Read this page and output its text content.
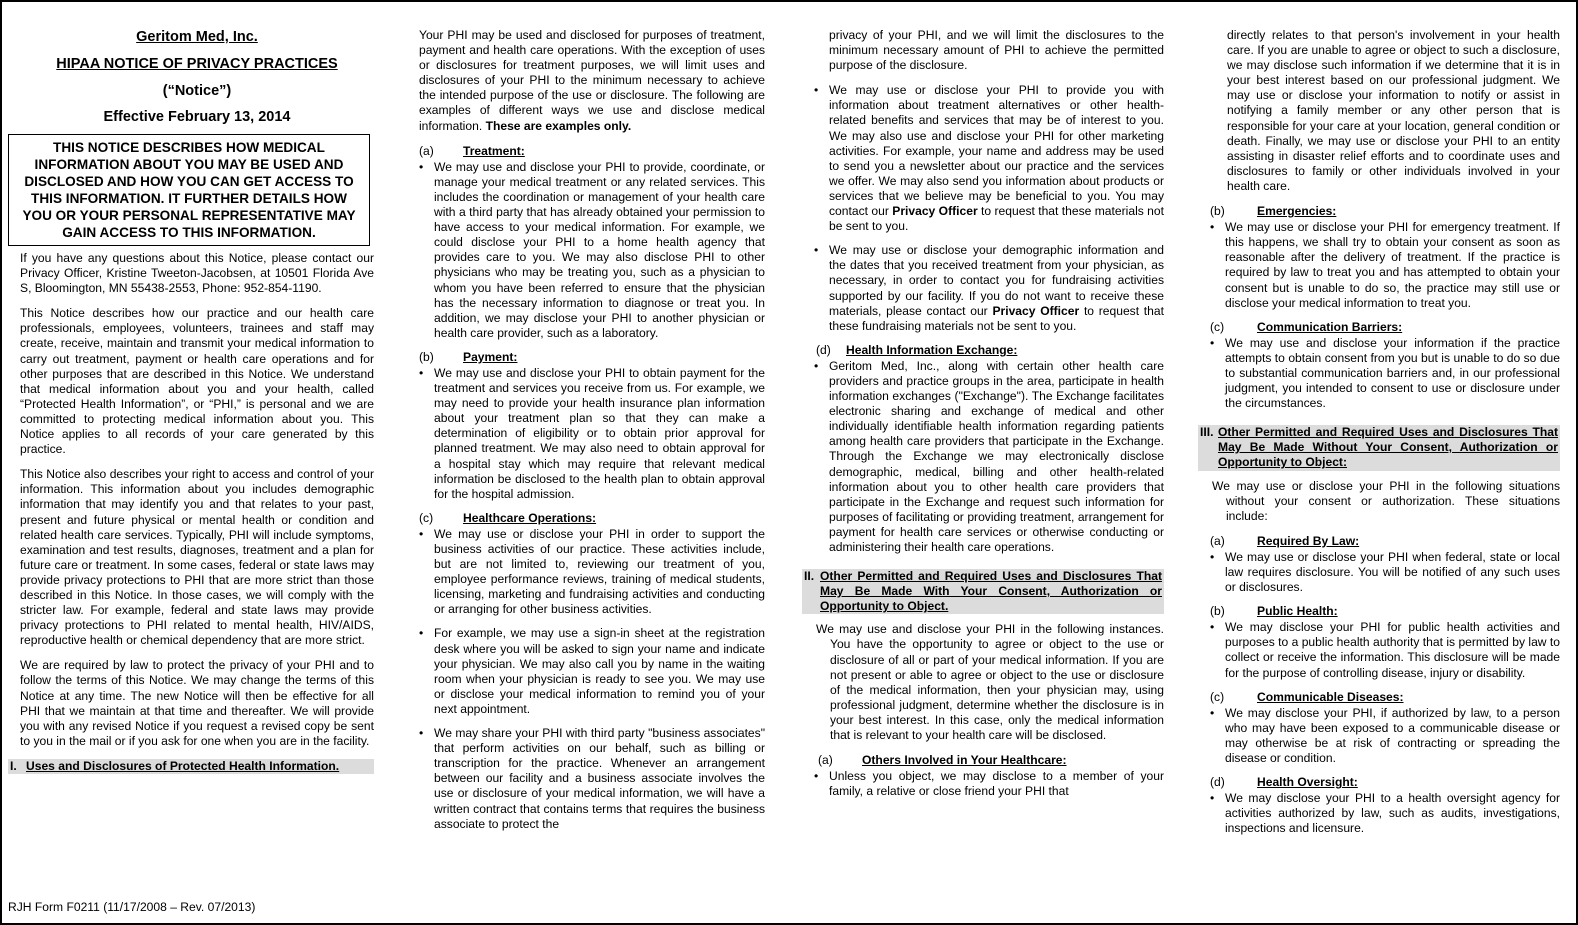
Geritom Med, Inc.
HIPAA NOTICE OF PRIVACY PRACTICES
(“Notice”)
Effective February 13, 2014
THIS NOTICE DESCRIBES HOW MEDICAL INFORMATION ABOUT YOU MAY BE USED AND DISCLOSED AND HOW YOU CAN GET ACCESS TO THIS INFORMATION. IT FURTHER DETAILS HOW YOU OR YOUR PERSONAL REPRESENTATIVE MAY GAIN ACCESS TO THIS INFORMATION.

If you have any questions about this Notice, please contact our Privacy Officer, Kristine Tweeton-Jacobsen, at 10501 Florida Ave S, Bloomington, MN 55438-2553, Phone: 952-854-1190.

This Notice describes how our practice and our health care professionals, employees, volunteers, trainees and staff may create, receive, maintain and transmit your medical information to carry out treatment, payment or health care operations and for other purposes that are described in this Notice. We understand that medical information about you and your health, called “Protected Health Information”, or “PHI,” is personal and we are committed to protecting medical information about you. This Notice applies to all records of your care generated by this practice.

This Notice also describes your right to access and control of your information. This information about you includes demographic information that may identify you and that relates to your past, present and future physical or mental health or condition and related health care services. Typically, PHI will include symptoms, examination and test results, diagnoses, treatment and a plan for future care or treatment. In some cases, federal or state laws may provide privacy protections to PHI that are more strict than those described in this Notice. In those cases, we will comply with the stricter law. For example, federal and state laws may provide privacy protections to PHI related to mental health, HIV/AIDS, reproductive health or chemical dependency that are more strict.

We are required by law to protect the privacy of your PHI and to follow the terms of this Notice. We may change the terms of this Notice at any time. The new Notice will then be effective for all PHI that we maintain at that time and thereafter. We will provide you with any revised Notice if you request a revised copy be sent to you in the mail or if you ask for one when you are in the facility.

I. Uses and Disclosures of Protected Health Information.

Your PHI may be used and disclosed for purposes of treatment, payment and health care operations. With the exception of uses or disclosures for treatment purposes, we will limit uses and disclosures of your PHI to the minimum necessary to achieve the intended purpose of the use or disclosure. The following are examples of different ways we use and disclose medical information. These are examples only.

(a)	Treatment:
• We may use and disclose your PHI to provide, coordinate, or manage your medical treatment or any related services. This includes the coordination or management of your health care with a third party that has already obtained your permission to have access to your medical information. For example, we could disclose your PHI to a home health agency that provides care to you. We may also disclose PHI to other physicians who may be treating you, such as a physician to whom you have been referred to ensure that the physician has the necessary information to diagnose or treat you. In addition, we may disclose your PHI to another physician or health care provider, such as a laboratory.
(b)	Payment:
• We may use and disclose your PHI to obtain payment for the treatment and services you receive from us. For example, we may need to provide your health insurance plan information about your treatment plan so that they can make a determination of eligibility or to obtain prior approval for planned treatment. We may also need to obtain approval for a hospital stay which may require that relevant medical information be disclosed to the health plan to obtain approval for the hospital admission.
(c)	Healthcare Operations:
• We may use or disclose your PHI in order to support the business activities of our practice. These activities include, but are not limited to, reviewing our treatment of you, employee performance reviews, training of medical students, licensing, marketing and fundraising activities and conducting or arranging for other business activities.
• For example, we may use a sign-in sheet at the registration desk where you will be asked to sign your name and indicate your physician. We may also call you by name in the waiting room when your physician is ready to see you. We may use or disclose your medical information to remind you of your next appointment.
• We may share your PHI with third party "business associates" that perform activities on our behalf, such as billing or transcription for the practice. Whenever an arrangement between our facility and a business associate involves the use or disclosure of your medical information, we will have a written contract that contains terms that requires the business associate to protect the

privacy of your PHI, and we will limit the disclosures to the minimum necessary amount of PHI to achieve the permitted purpose of the disclosure.

• We may use or disclose your PHI to provide you with information about treatment alternatives or other health-related benefits and services that may be of interest to you. We may also use and disclose your PHI for other marketing activities. For example, your name and address may be used to send you a newsletter about our practice and the services we offer. We may also send you information about products or services that we believe may be beneficial to you. You may contact our Privacy Officer to request that these materials not be sent to you.
• We may use or disclose your demographic information and the dates that you received treatment from your physician, as necessary, in order to contact you for fundraising activities supported by our facility. If you do not want to receive these materials, please contact our Privacy Officer to request that these fundraising materials not be sent to you.
(d)	Health Information Exchange:
• Geritom Med, Inc., along with certain other health care providers and practice groups in the area, participate in health information exchanges ("Exchange"). The Exchange facilitates electronic sharing and exchange of medical and other individually identifiable health information regarding patients among health care providers that participate in the Exchange. Through the Exchange we may electronically disclose demographic, medical, billing and other health-related information about you to other health care providers that participate in the Exchange and request such information for purposes of facilitating or providing treatment, arrangement for payment for health care services or otherwise conducting or administering their health care operations.
II. Other Permitted and Required Uses and Disclosures That May Be Made With Your Consent, Authorization or Opportunity to Object.

We may use and disclose your PHI in the following instances. You have the opportunity to agree or object to the use or disclosure of all or part of your medical information. If you are not present or able to agree or object to the use or disclosure of the medical information, then your physician may, using professional judgment, determine whether the disclosure is in your best interest. In this case, only the medical information that is relevant to your health care will be disclosed.

(a)	Others Involved in Your Healthcare:
• Unless you object, we may disclose to a member of your family, a relative or close friend your PHI that

directly relates to that person's involvement in your health care. If you are unable to agree or object to such a disclosure, we may disclose such information if we determine that it is in your best interest based on our professional judgment. We may use or disclose your information to notify or assist in notifying a family member or any other person that is responsible for your care at your location, general condition or death. Finally, we may use or disclose your PHI to an entity assisting in disaster relief efforts and to coordinate uses and disclosures to family or other individuals involved in your health care.

(b)	Emergencies:
• We may use or disclose your PHI for emergency treatment. If this happens, we shall try to obtain your consent as soon as reasonable after the delivery of treatment. If the practice is required by law to treat you and has attempted to obtain your consent but is unable to do so, the practice may still use or disclose your medical information to treat you.
(c)	Communication Barriers:
• We may use and disclose your information if the practice attempts to obtain consent from you but is unable to do so due to substantial communication barriers and, in our professional judgment, you intended to consent to use or disclosure under the circumstances.
III. Other Permitted and Required Uses and Disclosures That May Be Made Without Your Consent, Authorization or Opportunity to Object:

We may use or disclose your PHI in the following situations without your consent or authorization. These situations include:

(a)	Required By Law:
• We may use or disclose your PHI when federal, state or local law requires disclosure. You will be notified of any such uses or disclosures.
(b)	Public Health:
• We may disclose your PHI for public health activities and purposes to a public health authority that is permitted by law to collect or receive the information. This disclosure will be made for the purpose of controlling disease, injury or disability.
(c)	Communicable Diseases:
• We may disclose your PHI, if authorized by law, to a person who may have been exposed to a communicable disease or may otherwise be at risk of contracting or spreading the disease or condition.
(d)	Health Oversight:
• We may disclose your PHI to a health oversight agency for activities authorized by law, such as audits, investigations, inspections and licensure.
RJH Form F0211 (11/17/2008 – Rev. 07/2013)
